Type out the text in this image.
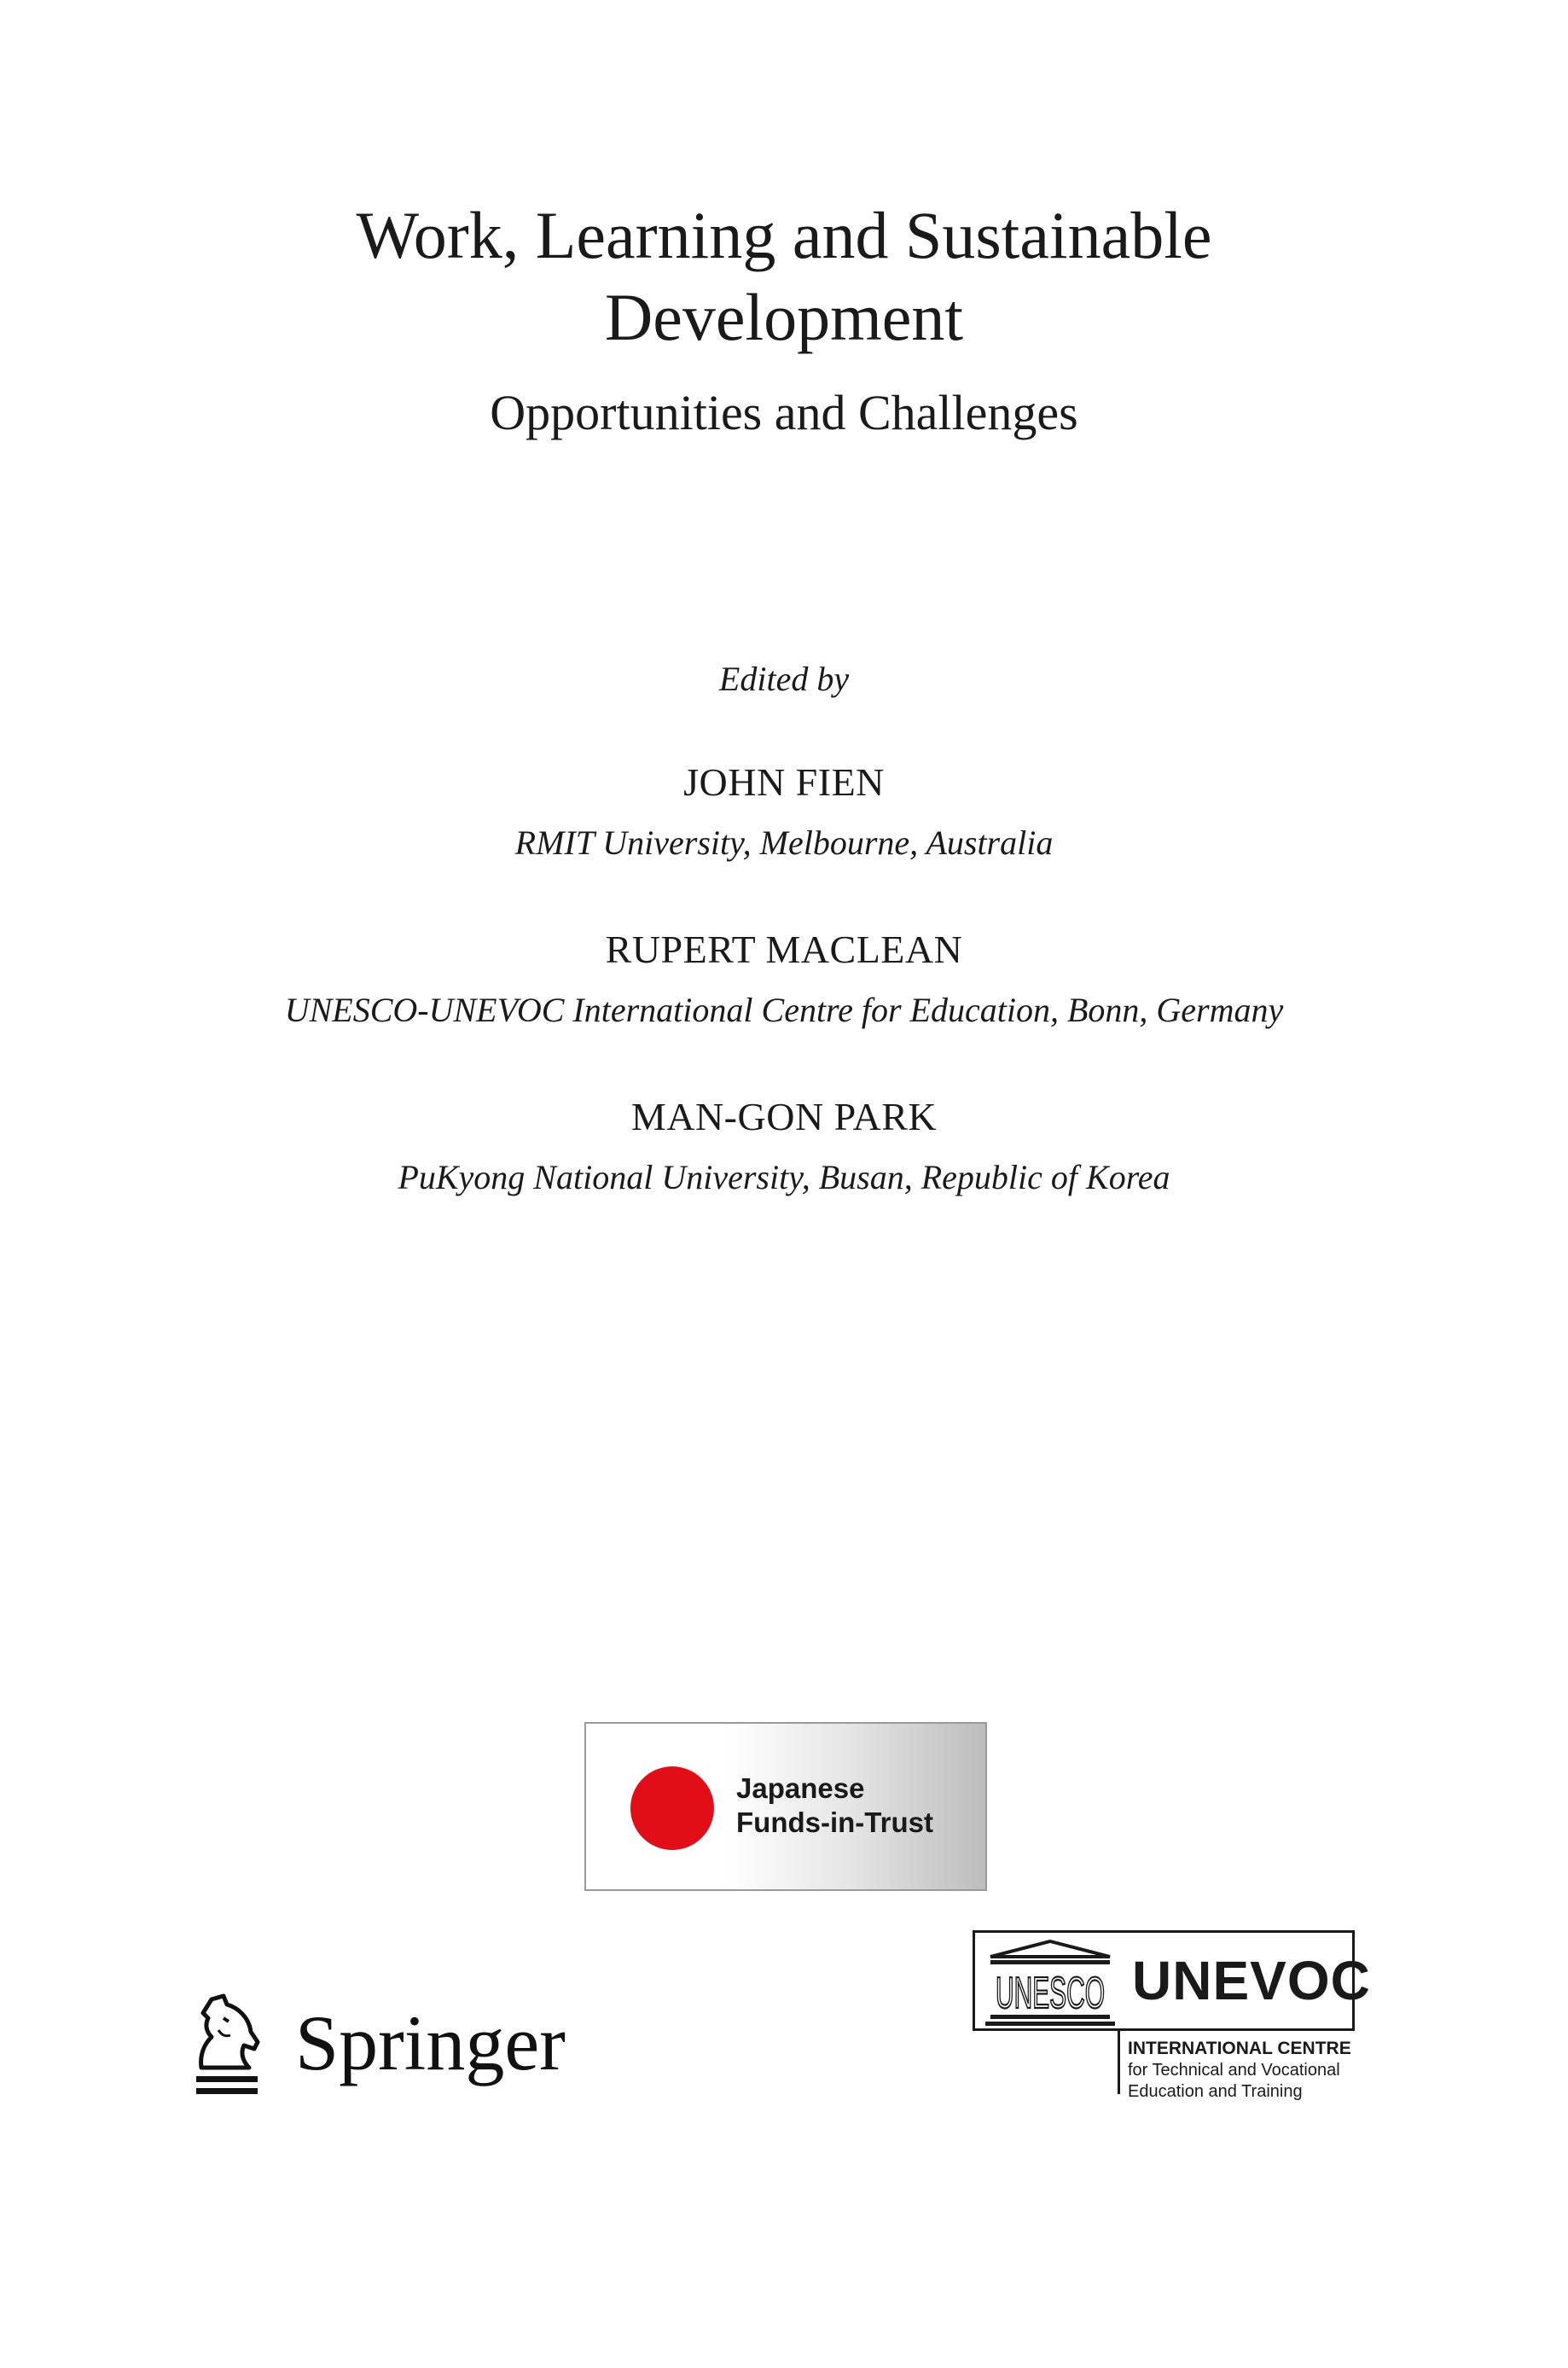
Work, Learning and Sustainable
Development
Opportunities and Challenges
Edited by
JOHN FIEN
RMIT University, Melbourne, Australia
RUPERT MACLEAN
UNESCO-UNEVOC International Centre for Education, Bonn, Germany
MAN-GON PARK
PuKyong National University, Busan, Republic of Korea
Japanese
Funds-in-Trust
Springer
UNESCO UNEVOC
INTERNATIONAL CENTRE
for Technical and Vocational
Education and Training
